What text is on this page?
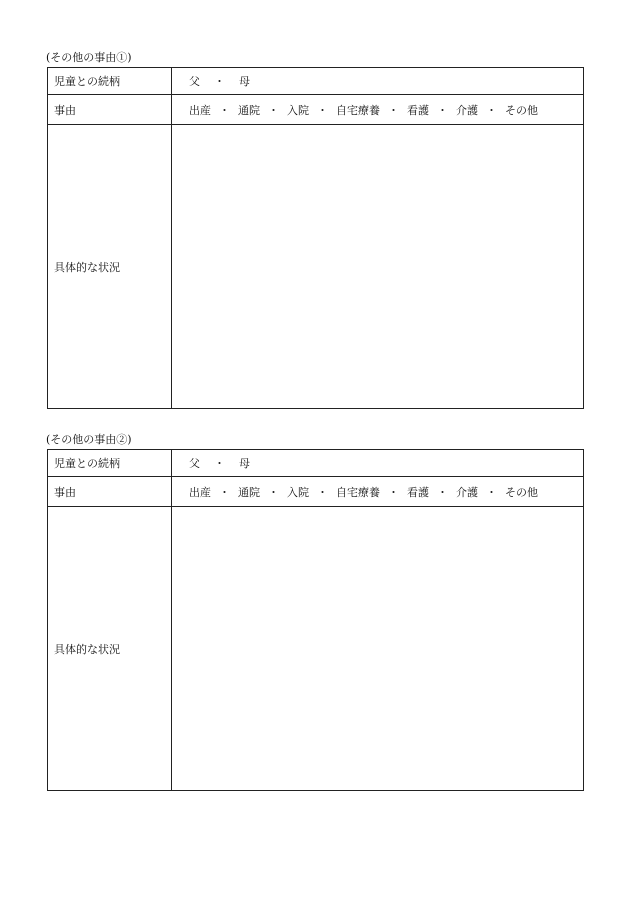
(その他の事由①)
児童との続柄	父 ・ 母
事由	出産 ・ 通院 ・ 入院 ・ 自宅療養 ・ 看護 ・ 介護 ・ その他
具体的な状況	
(その他の事由②)
児童との続柄	父 ・ 母
事由	出産 ・ 通院 ・ 入院 ・ 自宅療養 ・ 看護 ・ 介護 ・ その他
具体的な状況	
